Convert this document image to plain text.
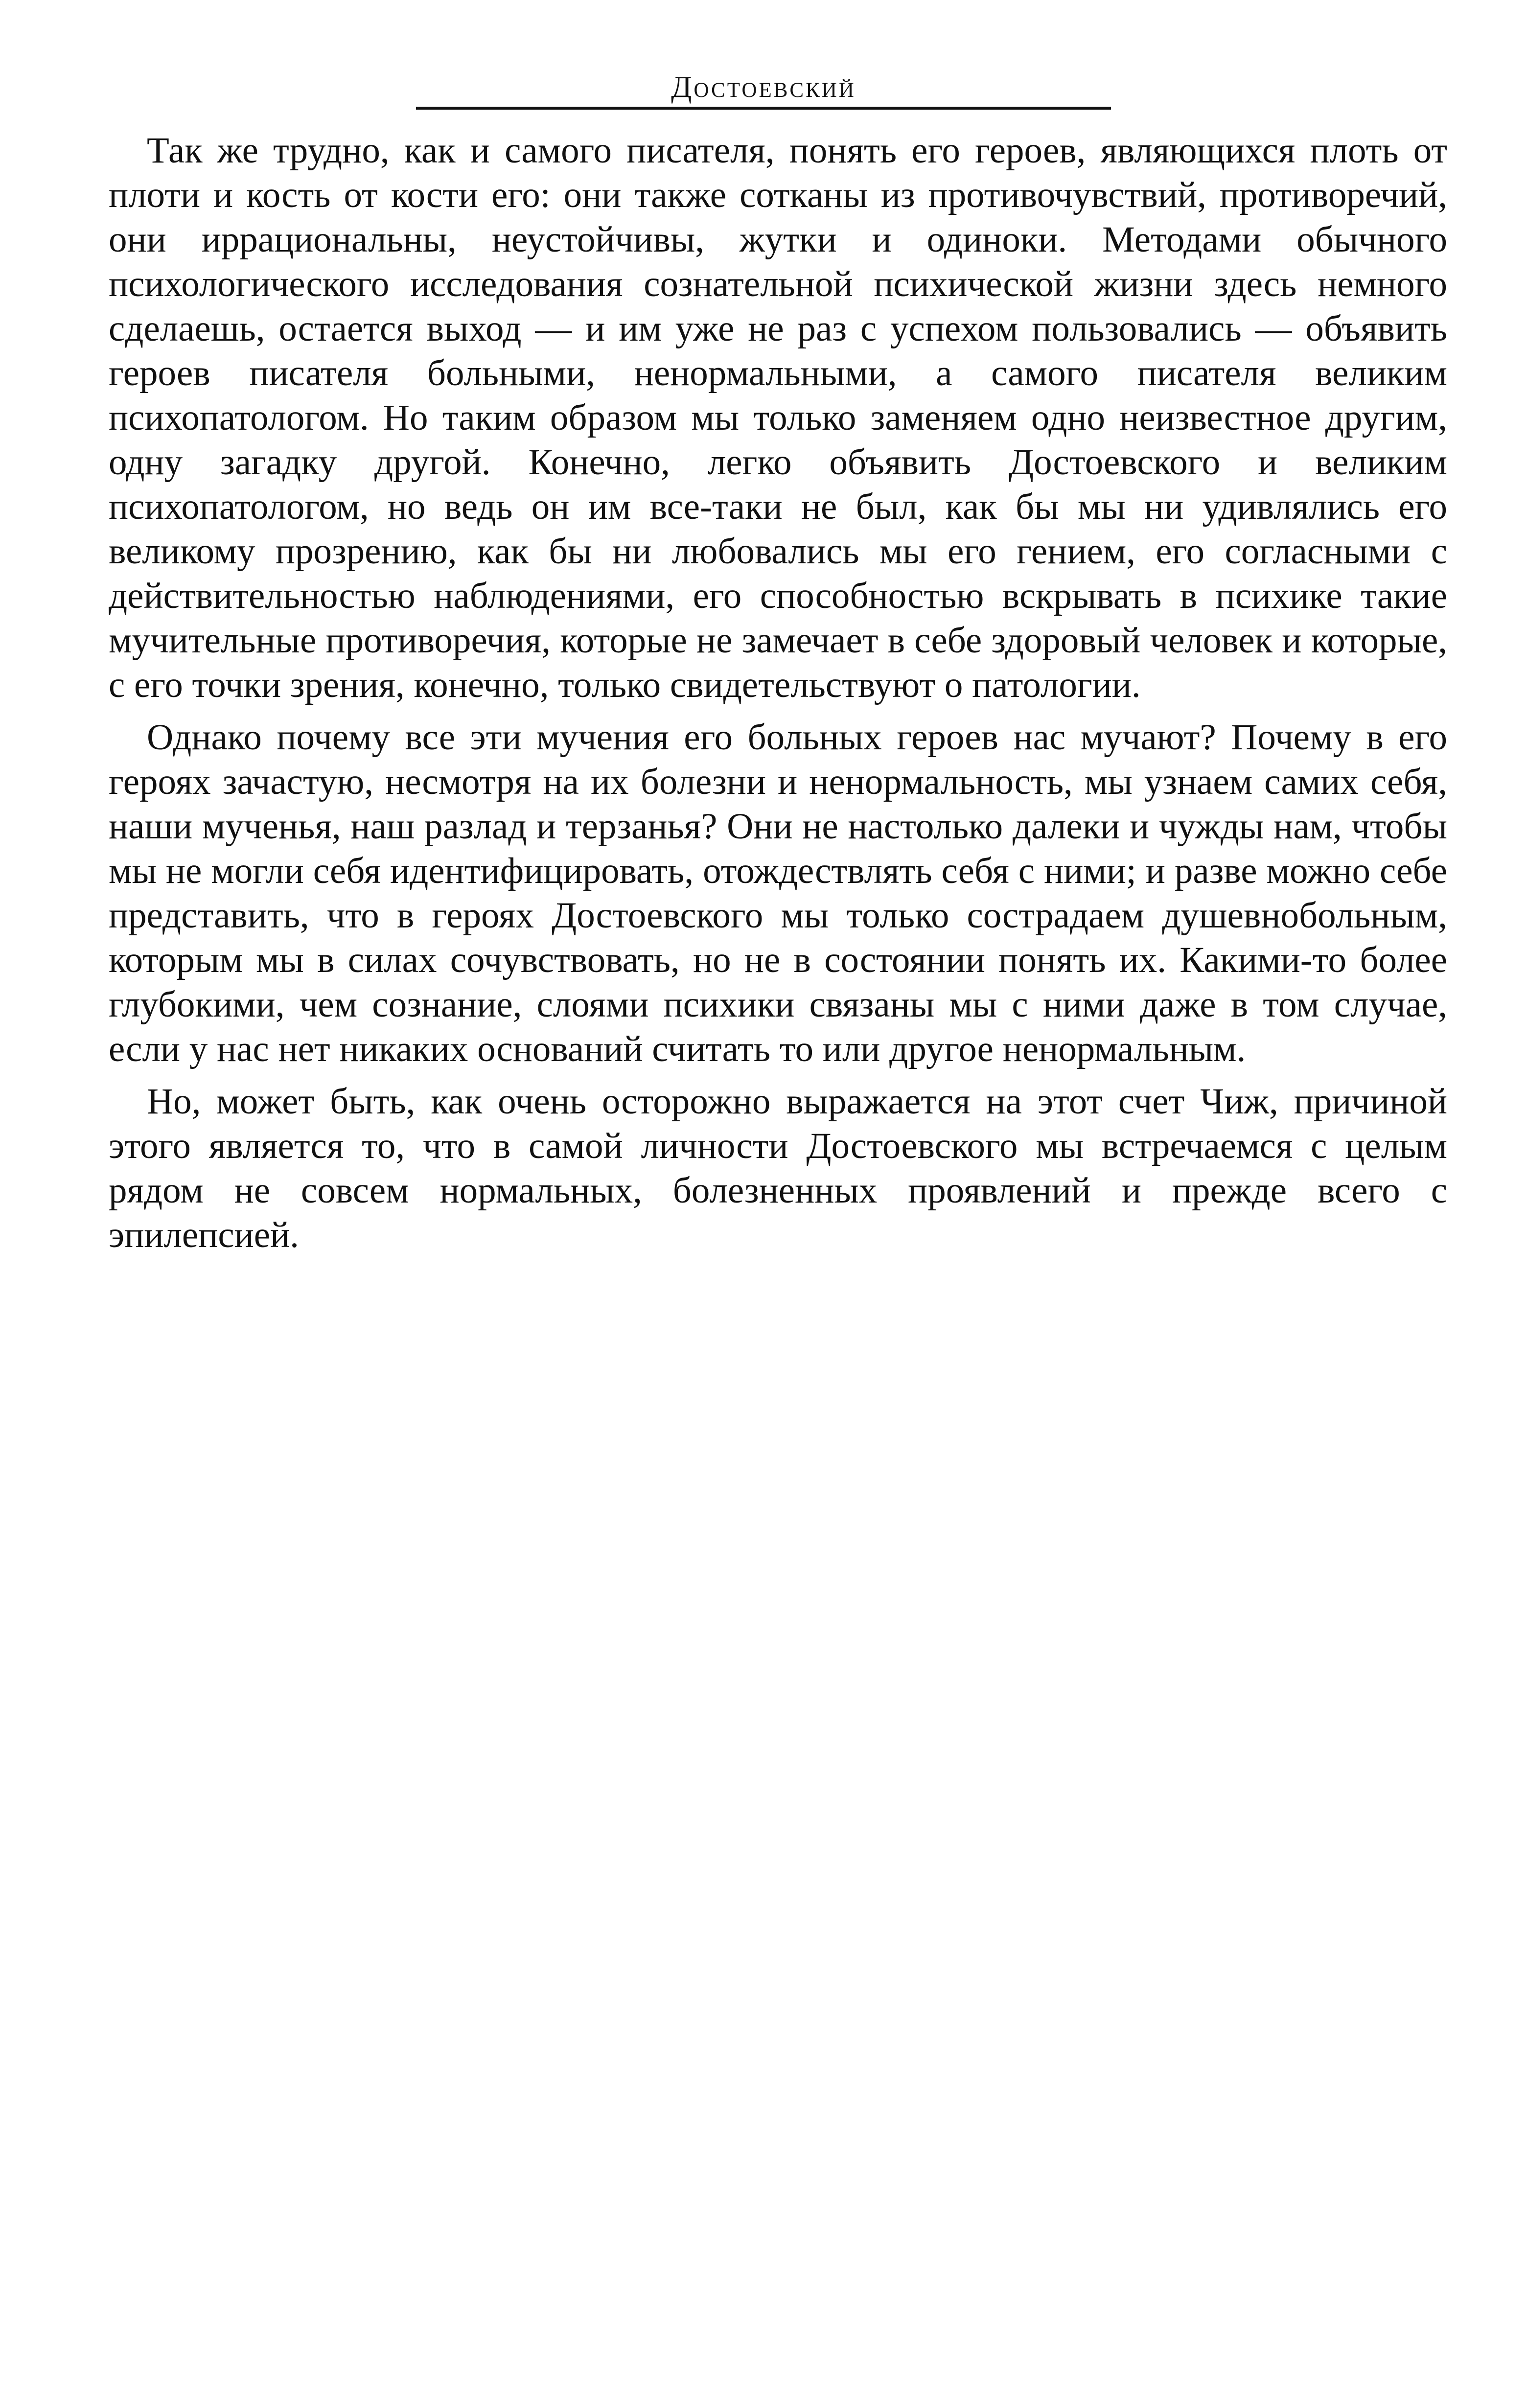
Достоевский

Так же трудно, как и самого писателя, понять его героев, являющихся плоть от плоти и кость от кости его: они также сотканы из противочувствий, противоречий, они иррациональны, неустойчивы, жутки и одиноки. Методами обычного психологического исследования сознательной психической жизни здесь немного сделаешь, остается выход — и им уже не раз с успехом пользовались — объявить героев писателя больными, ненормальными, а самого писателя великим психопатологом. Но таким образом мы только заменяем одно неизвестное другим, одну загадку другой. Конечно, легко объявить Достоевского и великим психопатологом, но ведь он им все-таки не был, как бы мы ни удивлялись его великому прозрению, как бы ни любовались мы его гением, его согласными с действительностью наблюдениями, его способностью вскрывать в психике такие мучительные противоречия, которые не замечает в себе здоровый человек и которые, с его точки зрения, конечно, только свидетельствуют о патологии.

Однако почему все эти мучения его больных героев нас мучают? Почему в его героях зачастую, несмотря на их болезни и ненормальность, мы узнаем самих себя, наши мученья, наш разлад и терзанья? Они не настолько далеки и чужды нам, чтобы мы не могли себя идентифицировать, отождествлять себя с ними; и разве можно себе представить, что в героях Достоевского мы только сострадаем душевнобольным, которым мы в силах сочувствовать, но не в состоянии понять их. Какими-то более глубокими, чем сознание, слоями психики связаны мы с ними даже в том случае, если у нас нет никаких оснований считать то или другое ненормальным.

Но, может быть, как очень осторожно выражается на этот счет Чиж, причиной этого является то, что в самой личности Достоевского мы встречаемся с целым рядом не совсем нормальных, болезненных проявлений и прежде всего с эпилепсией.
